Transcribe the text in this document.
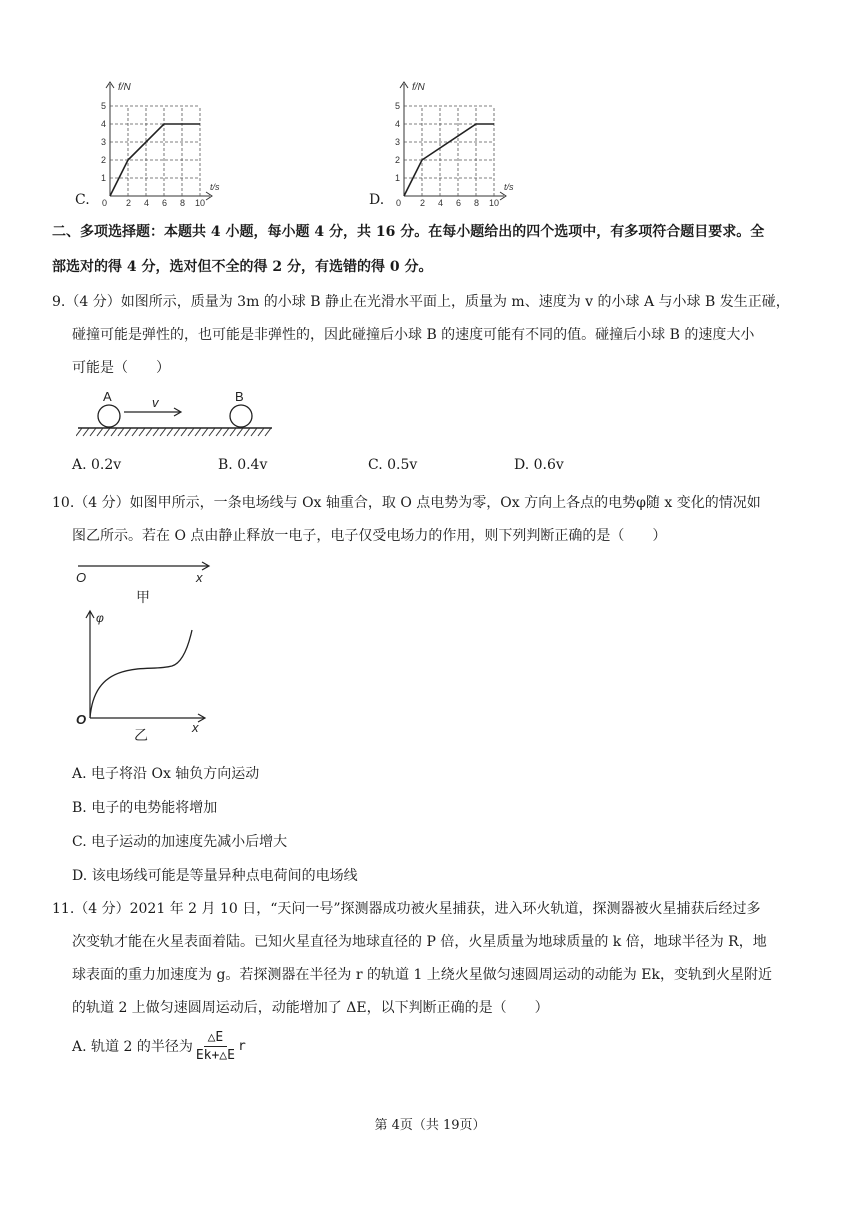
1
2
3
4
5
2 4 6 8 10
f/N
t/s
0
C.
1
2
3
4
5
2 4 6 8 10
f/N
t/s
0
D.
二、多项选择题：本题共 4 小题，每小题 4 分，共 16 分。在每小题给出的四个选项中，有多项符合题目要求。全
部选对的得 4 分，选对但不全的得 2 分，有选错的得 0 分。
9.（4 分）如图所示，质量为 3m 的小球 B 静止在光滑水平面上，质量为 m、速度为 v 的小球 A 与小球 B 发生正碰，
碰撞可能是弹性的，也可能是非弹性的，因此碰撞后小球 B 的速度可能有不同的值。碰撞后小球 B 的速度大小
可能是（　　）
A	B
v
A. 0.2v	B. 0.4v	C. 0.5v	D. 0.6v
10.（4 分）如图甲所示，一条电场线与 Ox 轴重合，取 O 点电势为零，Ox 方向上各点的电势φ随 x 变化的情况如
图乙所示。若在 O 点由静止释放一电子，电子仅受电场力的作用，则下列判断正确的是（　　）
O	x
甲
O
x
φ
乙
A. 电子将沿 Ox 轴负方向运动
B. 电子的电势能将增加
C. 电子运动的加速度先减小后增大
D. 该电场线可能是等量异种点电荷间的电场线
11.（4 分）2021 年 2 月 10 日，“天问一号”探测器成功被火星捕获，进入环火轨道，探测器被火星捕获后经过多
次变轨才能在火星表面着陆。已知火星直径为地球直径的 P 倍，火星质量为地球质量的 k 倍，地球半径为 R，地
球表面的重力加速度为 g。若探测器在半径为 r 的轨道 1 上绕火星做匀速圆周运动的动能为 Ek，变轨到火星附近
的轨道 2 上做匀速圆周运动后，动能增加了 ΔE，以下判断正确的是（　　）
A. 轨道 2 的半径为 $\frac{\triangle E}{Ek+\triangle E}$ r
第 4页（共 19页）
